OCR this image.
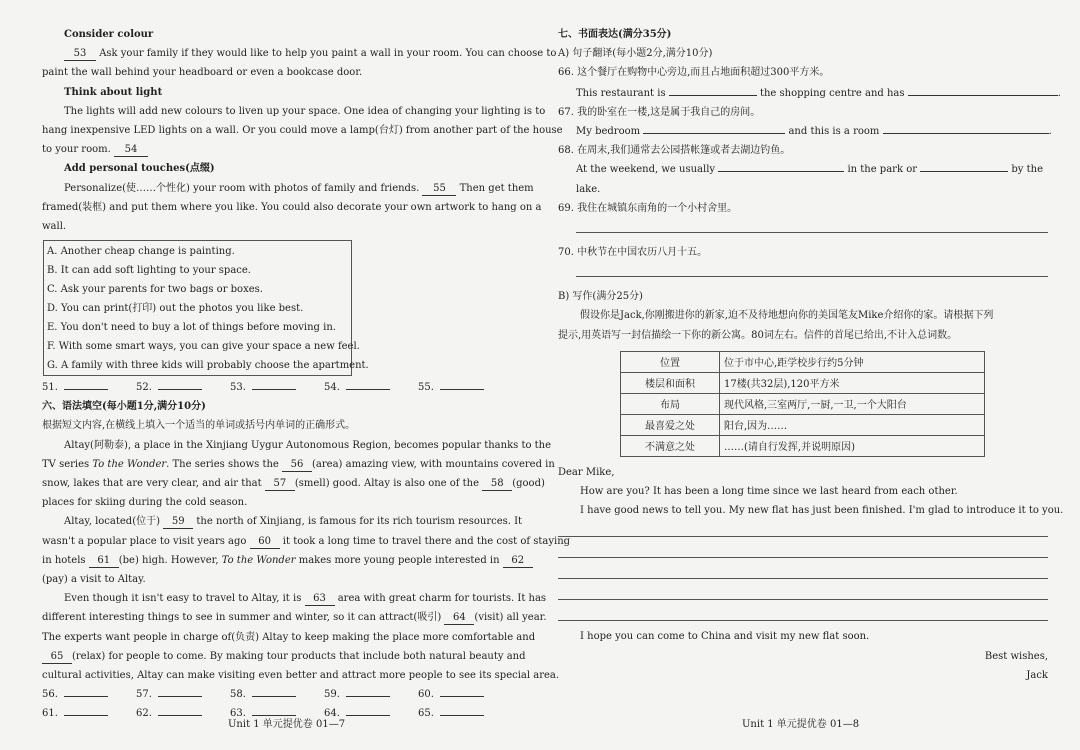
Consider colour
53 Ask your family if they would like to help you paint a wall in your room. You can choose to
paint the wall behind your headboard or even a bookcase door.
Think about light
The lights will add new colours to liven up your space. One idea of changing your lighting is to
hang inexpensive LED lights on a wall. Or you could move a lamp(台灯) from another part of the house
to your room. 54
Add personal touches(点缀)
Personalize(使……个性化) your room with photos of family and friends. 55 Then get them
framed(装框) and put them where you like. You could also decorate your own artwork to hang on a
wall.
A. Another cheap change is painting.
B. It can add soft lighting to your space.
C. Ask your parents for two bags or boxes.
D. You can print(打印) out the photos you like best.
E. You don't need to buy a lot of things before moving in.
F. With some smart ways, you can give your space a new feel.
G. A family with three kids will probably choose the apartment.
51.	52.	53.	54.	55.
六、语法填空(每小题1分,满分10分)
根据短文内容,在横线上填入一个适当的单词或括号内单词的正确形式。
Altay(阿勒泰), a place in the Xinjiang Uygur Autonomous Region, becomes popular thanks to the
TV series To the Wonder. The series shows the 56 (area) amazing view, with mountains covered in
snow, lakes that are very clear, and air that 57 (smell) good. Altay is also one of the 58 (good)
places for skiing during the cold season.
Altay, located(位于) 59 the north of Xinjiang, is famous for its rich tourism resources. It
wasn't a popular place to visit years ago 60 it took a long time to travel there and the cost of staying
in hotels 61 (be) high. However, To the Wonder makes more young people interested in 62
(pay) a visit to Altay.
Even though it isn't easy to travel to Altay, it is 63 area with great charm for tourists. It has
different interesting things to see in summer and winter, so it can attract(吸引) 64 (visit) all year.
The experts want people in charge of(负责) Altay to keep making the place more comfortable and
65 (relax) for people to come. By making tour products that include both natural beauty and
cultural activities, Altay can make visiting even better and attract more people to see its special area.
56.	57.	58.	59.	60.
61.	62.	63.	64.	65.
Unit 1 单元提优卷 01—7
七、书面表达(满分35分)
A) 句子翻译(每小题2分,满分10分)
66. 这个餐厅在购物中心旁边,而且占地面积超过300平方米。
This restaurant is	the shopping centre and has	.
67. 我的卧室在一楼,这是属于我自己的房间。
My bedroom	and this is a room	.
68. 在周末,我们通常去公园搭帐篷或者去湖边钓鱼。
At the weekend, we usually	in the park or	by the
lake.
69. 我住在城镇东南角的一个小村舍里。
70. 中秋节在中国农历八月十五。
B) 写作(满分25分)
假设你是Jack,你刚搬进你的新家,迫不及待地想向你的美国笔友Mike介绍你的家。请根据下列
提示,用英语写一封信描绘一下你的新公寓。80词左右。信件的首尾已给出,不计入总词数。
位置	位于市中心,距学校步行约5分钟
楼层和面积	17楼(共32层),120平方米
布局	现代风格,三室两厅,一厨,一卫,一个大阳台
最喜爱之处	阳台,因为……
不满意之处	……(请自行发挥,并说明原因)
Dear Mike,
How are you? It has been a long time since we last heard from each other.
I have good news to tell you. My new flat has just been finished. I'm glad to introduce it to you.
I hope you can come to China and visit my new flat soon.
Best wishes,
Jack
Unit 1 单元提优卷 01—8
